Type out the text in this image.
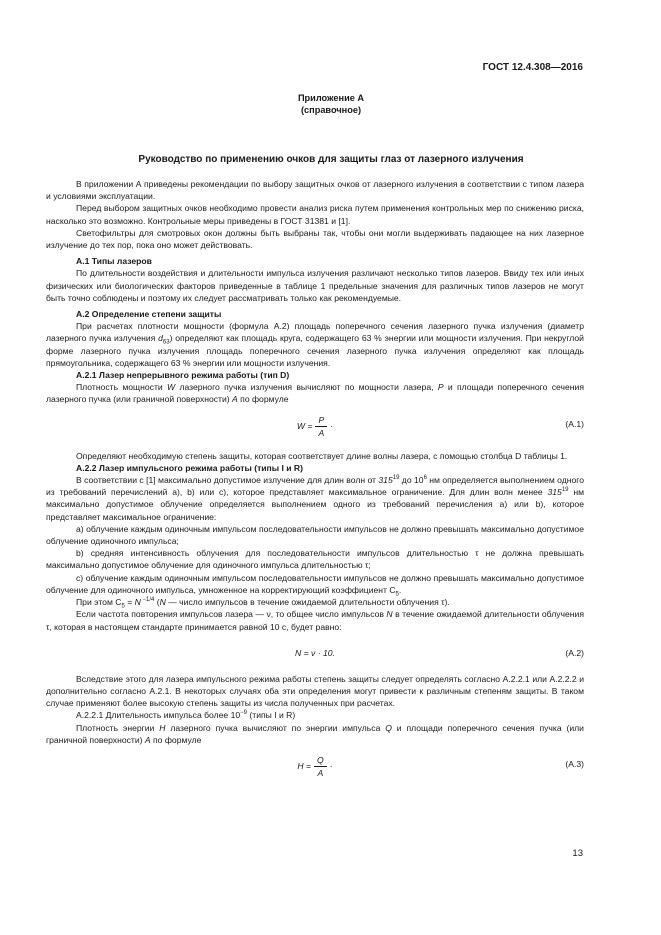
ГОСТ 12.4.308—2016
Приложение А
(справочное)
Руководство по применению очков для защиты глаз от лазерного излучения

В приложении А приведены рекомендации по выбору защитных очков от лазерного излучения в соответствии с типом лазера и условиями эксплуатации.

Перед выбором защитных очков необходимо провести анализ риска путем применения контрольных мер по снижению риска, насколько это возможно. Контрольные меры приведены в ГОСТ 31381 и [1].

Светофильтры для смотровых окон должны быть выбраны так, чтобы они могли выдерживать падающее на них лазерное излучение до тех пор, пока оно может действовать.

А.1 Типы лазеров

По длительности воздействия и длительности импульса излучения различают несколько типов лазеров. Ввиду тех или иных физических или биологических факторов приведенные в таблице 1 предельные значения для различных типов лазеров не могут быть точно соблюдены и поэтому их следует рассматривать только как рекомендуемые.

А.2 Определение степени защиты

При расчетах плотности мощности (формула А.2) площадь поперечного сечения лазерного пучка излучения (диаметр лазерного пучка излучения $d_{63}$) определяют как площадь круга, содержащего 63 % энергии или мощности излучения. При некруглой форме лазерного пучка излучения площадь поперечного сечения лазерного пучка излучения определяют как площадь прямоугольника, содержащего 63 % энергии или мощности излучения.

А.2.1 Лазер непрерывного режима работы (тип D)

Плотность мощности W лазерного пучка излучения вычисляют по мощности лазера, P и площади поперечного сечения лазерного пучка (или граничной поверхности) A по формуле

$W = \frac{P}{A}$ ·	(А.1)

Определяют необходимую степень защиты, которая соответствует длине волны лазера, с помощью столбца D таблицы 1.

А.2.2 Лазер импульсного режима работы (типы I и R)

В соответствии с [1] максимально допустимое излучение для длин волн от $315^{19}$ до $10^6$ нм определяется выполнением одного из требований перечислений а), b) или с), которое представляет максимальное ограничение. Для длин волн менее $315^{19}$ нм максимально допустимое облучение определяется выполнением одного из требований перечисления а) или b), которое представляет максимальное ограничение:

а) облучение каждым одиночным импульсом последовательности импульсов не должно превышать максимально допустимое облучение одиночного импульса;

b) средняя интенсивность облучения для последовательности импульсов длительностью τ не должна превышать максимально допустимое облучение для одиночного импульса длительностью τ;

с) облучение каждым одиночным импульсом последовательности импульсов не должно превышать максимально допустимое облучение для одиночного импульса, умноженное на корректирующий коэффициент $C_5$.

При этом $C_5 = N$ $^{-1/4}$ (N — число импульсов в течение ожидаемой длительности облучения τ).

Если частота повторения импульсов лазера — ν, то общее число импульсов N в течение ожидаемой длительности облучения τ, которая в настоящем стандарте принимается равной 10 с, будет равно:

N = ν · 10.	(А.2)

Вследствие этого для лазера импульсного режима работы степень защиты следует определять согласно А.2.2.1 или А.2.2.2 и дополнительно согласно А.2.1. В некоторых случаях оба эти определения могут привести к различным степеням защиты. В таком случае применяют более высокую степень защиты из числа полученных при расчетах.

А.2.2.1 Длительность импульса более $10^{-9}$ (типы I и R)

Плотность энергии H лазерного пучка вычисляют по энергии импульса Q и площади поперечного сечения пучка (или граничной поверхности) A по формуле

$H = \frac{Q}{A}$ ·	(А.3)
13
